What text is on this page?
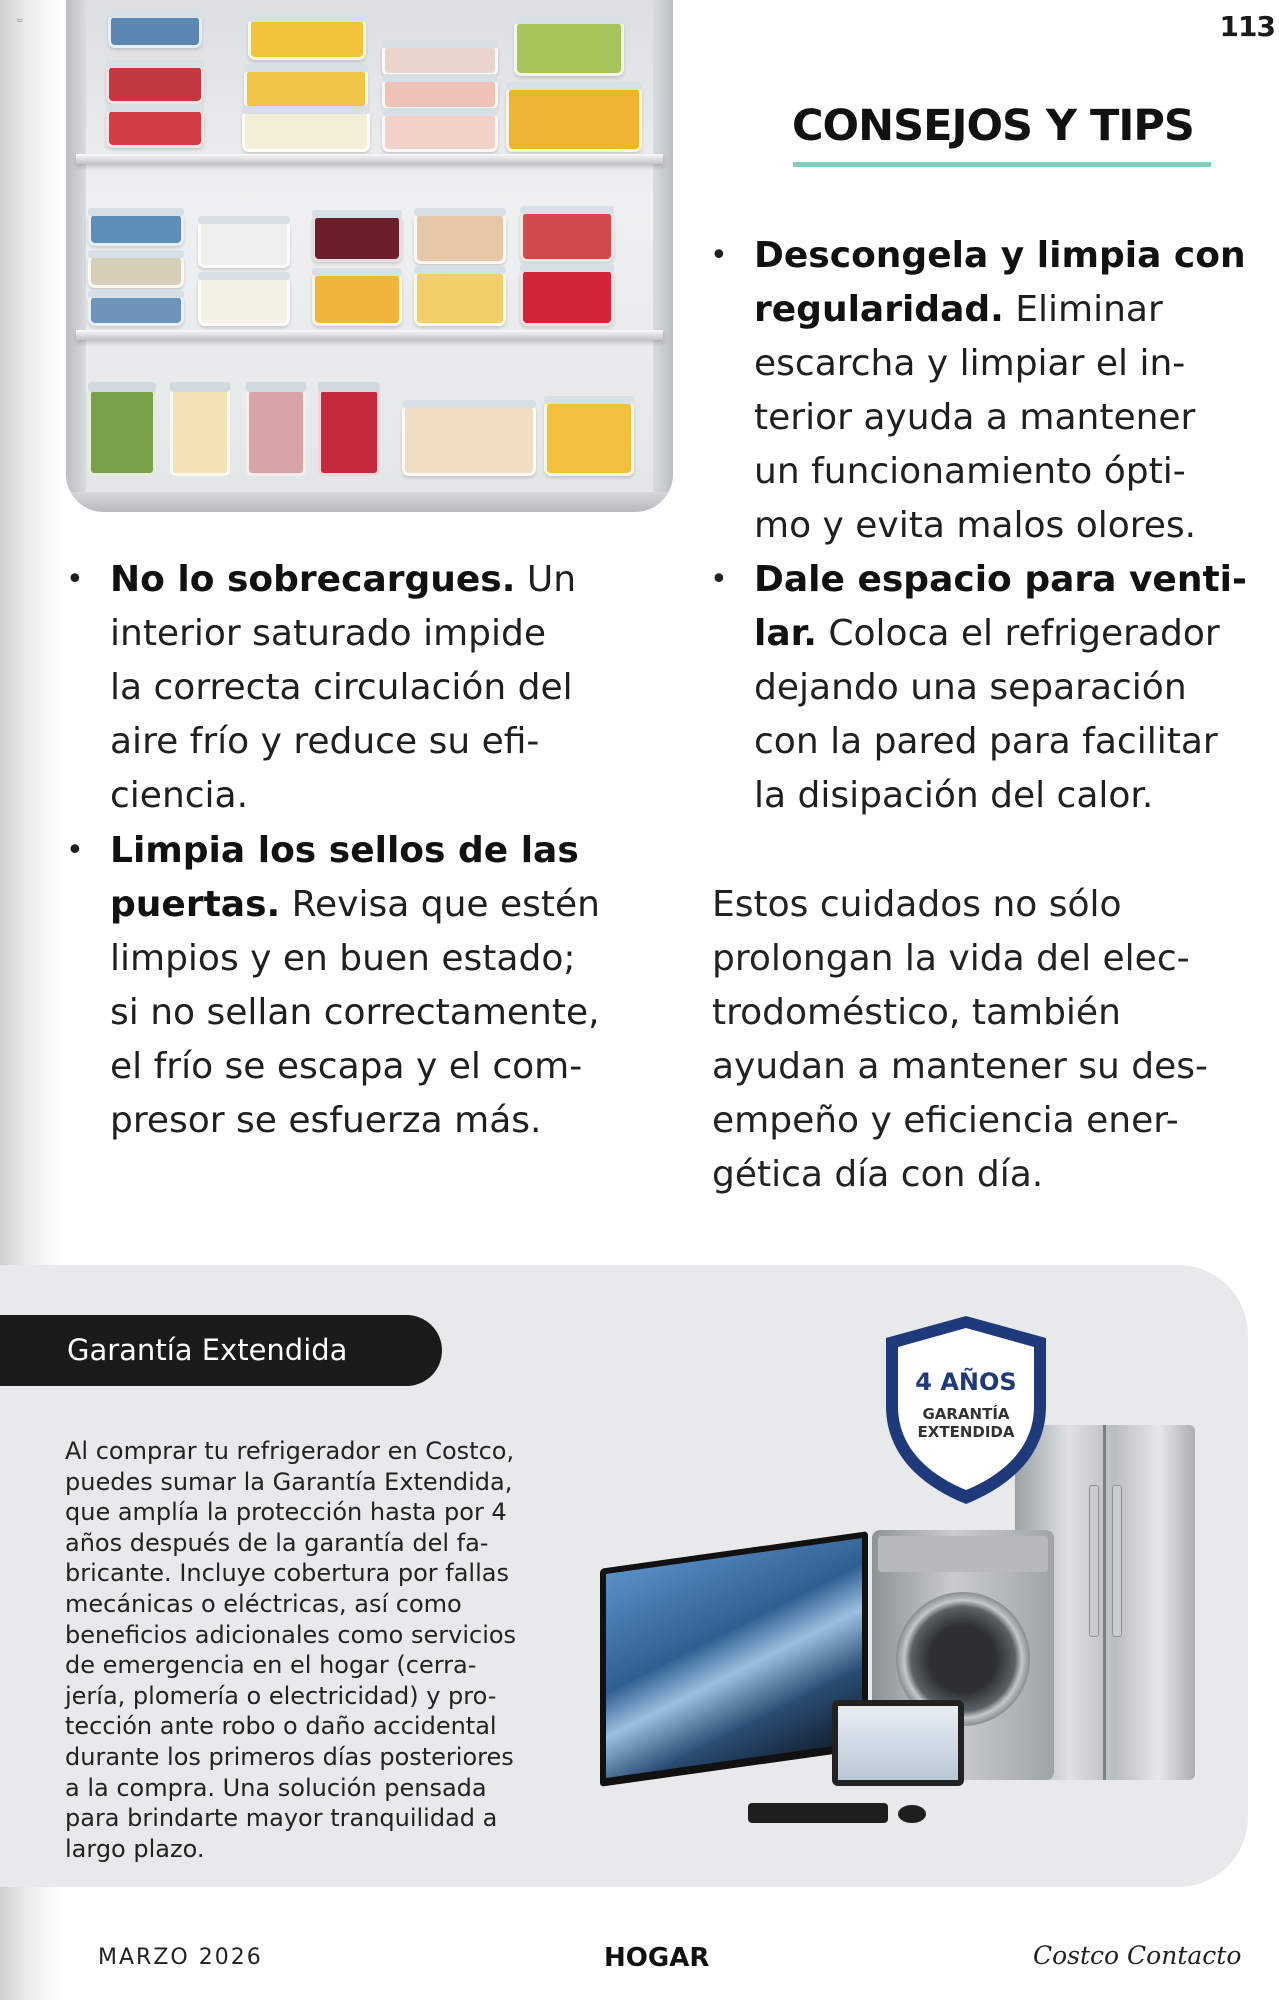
=	113
CONSEJOS Y TIPS

• No lo sobrecargues. Un
interior saturado impide
la correcta circulación del
aire frío y reduce su efi-
ciencia.

• Limpia los sellos de las
puertas. Revisa que estén
limpios y en buen estado;
si no sellan correctamente,
el frío se escapa y el com-
presor se esfuerza más.

• Descongela y limpia con
regularidad. Eliminar
escarcha y limpiar el in-
terior ayuda a mantener
un funcionamiento ópti-
mo y evita malos olores.

• Dale espacio para venti-
lar. Coloca el refrigerador
dejando una separación
con la pared para facilitar
la disipación del calor.

Estos cuidados no sólo
prolongan la vida del elec-
trodoméstico, también
ayudan a mantener su des-
empeño y eficiencia ener-
gética día con día.

Garantía Extendida

Al comprar tu refrigerador en Costco,
puedes sumar la Garantía Extendida,
que amplía la protección hasta por 4
años después de la garantía del fa-
bricante. Incluye cobertura por fallas
mecánicas o eléctricas, así como
beneficios adicionales como servicios
de emergencia en el hogar (cerra-
jería, plomería o electricidad) y pro-
tección ante robo o daño accidental
durante los primeros días posteriores
a la compra. Una solución pensada
para brindarte mayor tranquilidad a
largo plazo.

4 AÑOS
GARANTÍA
EXTENDIDA
MARZO 2026	HOGAR	Costco Contacto
